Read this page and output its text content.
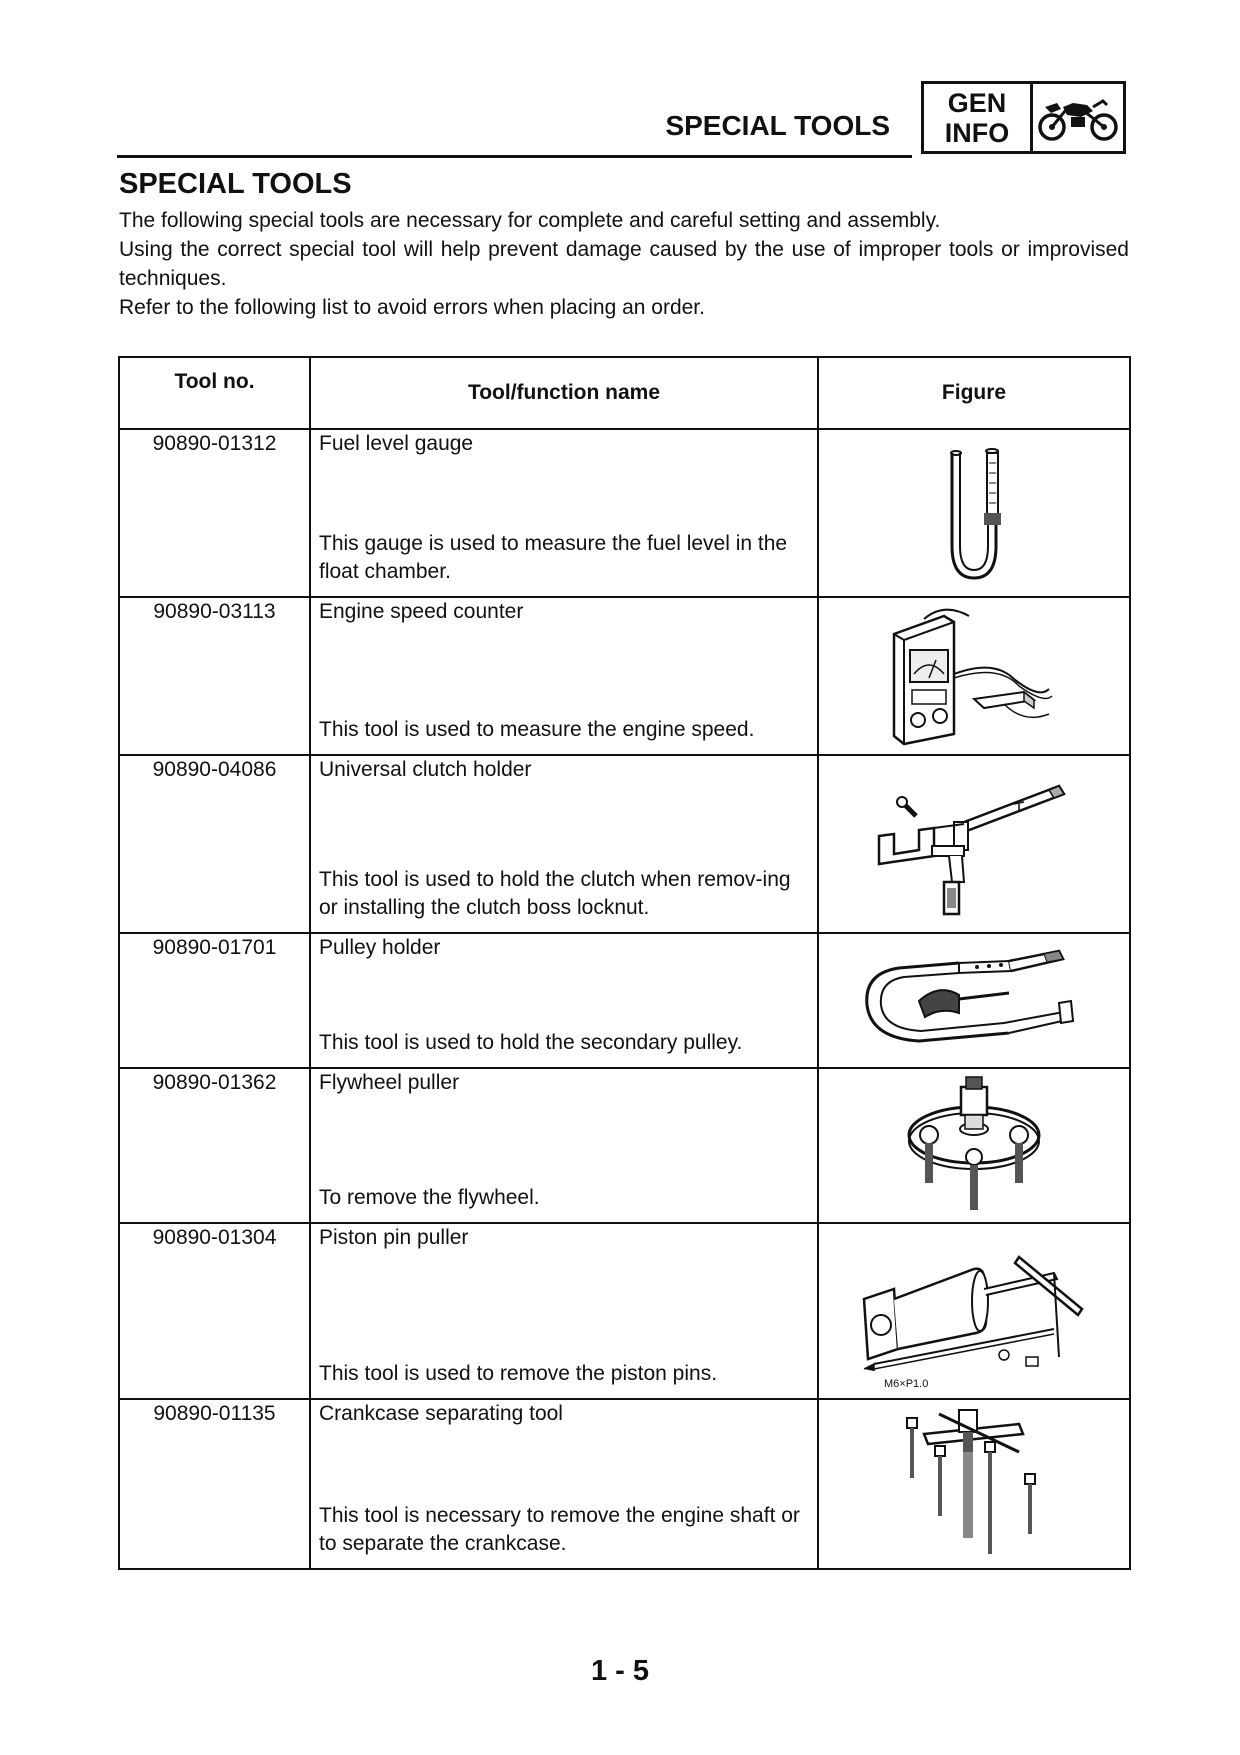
SPECIAL TOOLS
GEN
INFO
SPECIAL TOOLS

The following special tools are necessary for complete and careful setting and assembly.

Using the correct special tool will help prevent damage caused by the use of improper tools or improvised techniques.

Refer to the following list to avoid errors when placing an order.

Tool no.	Tool/function name	Figure
90890-01312	Fuel level gauge
This gauge is used to measure the fuel level in the float chamber.

90890-03113	Engine speed counter
This tool is used to measure the engine speed.

90890-04086	Universal clutch holder
This tool is used to hold the clutch when remov-ing or installing the clutch boss locknut.

90890-01701	Pulley holder
This tool is used to hold the secondary pulley.

90890-01362	Flywheel puller
To remove the flywheel.

90890-01304	Piston pin puller
This tool is used to remove the piston pins.	M6×P1.0

90890-01135	Crankcase separating tool
This tool is necessary to remove the engine shaft or to separate the crankcase.

1 - 5
